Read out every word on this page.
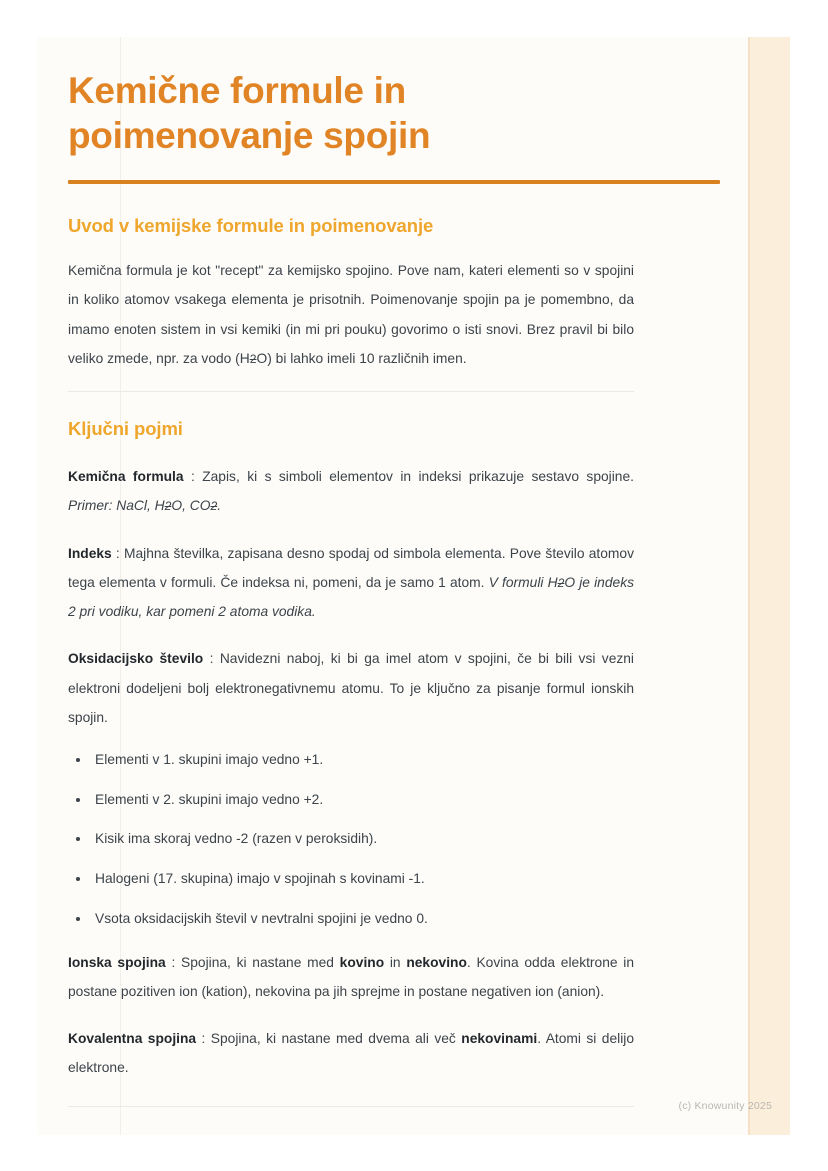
Kemične formule in poimenovanje spojin
Uvod v kemijske formule in poimenovanje

Kemična formula je kot "recept" za kemijsko spojino. Pove nam, kateri elementi so v spojini in koliko atomov vsakega elementa je prisotnih. Poimenovanje spojin pa je pomembno, da imamo enoten sistem in vsi kemiki (in mi pri pouku) govorimo o isti snovi. Brez pravil bi bilo veliko zmede, npr. za vodo (H2O) bi lahko imeli 10 različnih imen.

Ključni pojmi

Kemična formula : Zapis, ki s simboli elementov in indeksi prikazuje sestavo spojine. Primer: NaCl, H2O, CO2.

Indeks : Majhna številka, zapisana desno spodaj od simbola elementa. Pove število atomov tega elementa v formuli. Če indeksa ni, pomeni, da je samo 1 atom. V formuli H2O je indeks 2 pri vodiku, kar pomeni 2 atoma vodika.

Oksidacijsko število : Navidezni naboj, ki bi ga imel atom v spojini, če bi bili vsi vezni elektroni dodeljeni bolj elektronegativnemu atomu. To je ključno za pisanje formul ionskih spojin.

Elementi v 1. skupini imajo vedno +1.
Elementi v 2. skupini imajo vedno +2.
Kisik ima skoraj vedno -2 (razen v peroksidih).
Halogeni (17. skupina) imajo v spojinah s kovinami -1.
Vsota oksidacijskih števil v nevtralni spojini je vedno 0.

Ionska spojina : Spojina, ki nastane med kovino in nekovino. Kovina odda elektrone in postane pozitiven ion (kation), nekovina pa jih sprejme in postane negativen ion (anion).

Kovalentna spojina : Spojina, ki nastane med dvema ali več nekovinami. Atomi si delijo elektrone.

(c) Knowunity 2025
